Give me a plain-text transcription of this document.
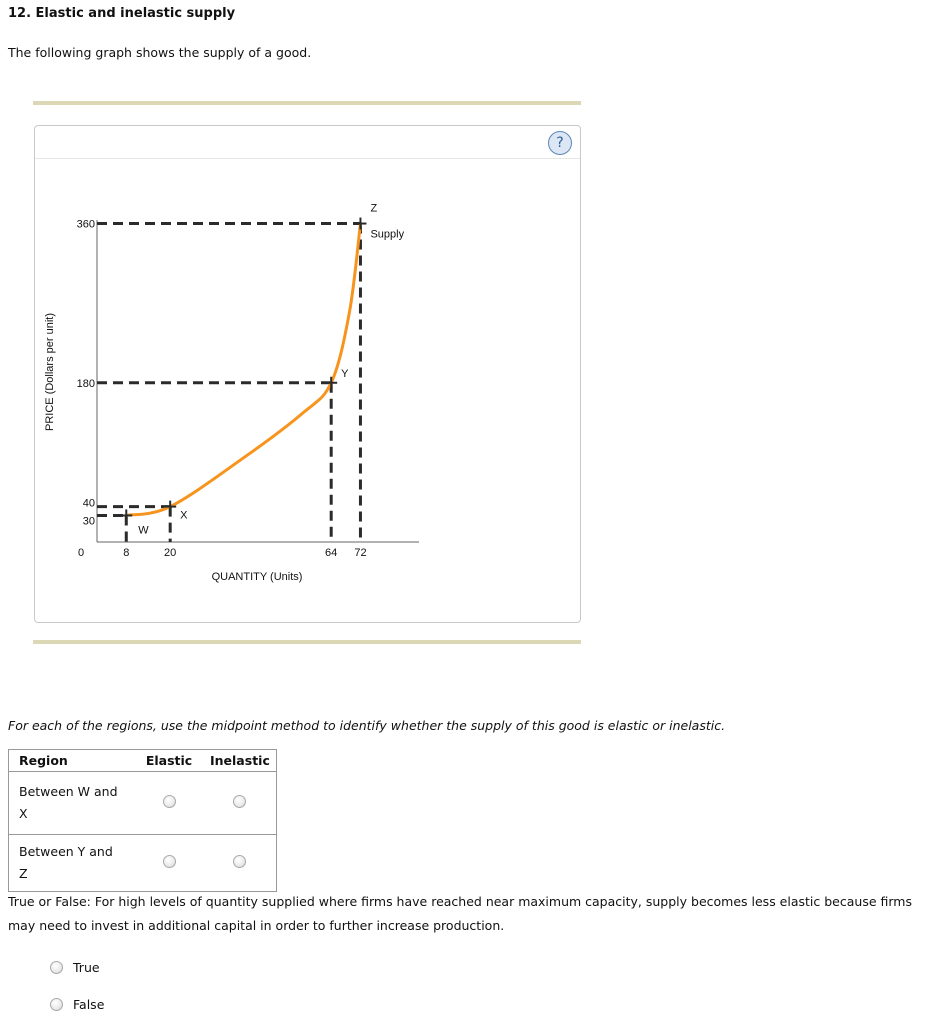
12. Elastic and inelastic supply
The following graph shows the supply of a good.
?
W
X
Y
Z
Supply
30
40
180
360
8	20	64 72
0
QUANTITY (Units)
PRICE (Dollars per unit)
For each of the regions, use the midpoint method to identify whether the supply of this good is elastic or inelastic.
Region	Elastic	Inelastic

Between W and
X		

Between Y and Z		

True or False: For high levels of quantity supplied where firms have reached near maximum capacity, supply becomes less elastic because firms may need to invest in additional capital in order to further increase production.
True
False
